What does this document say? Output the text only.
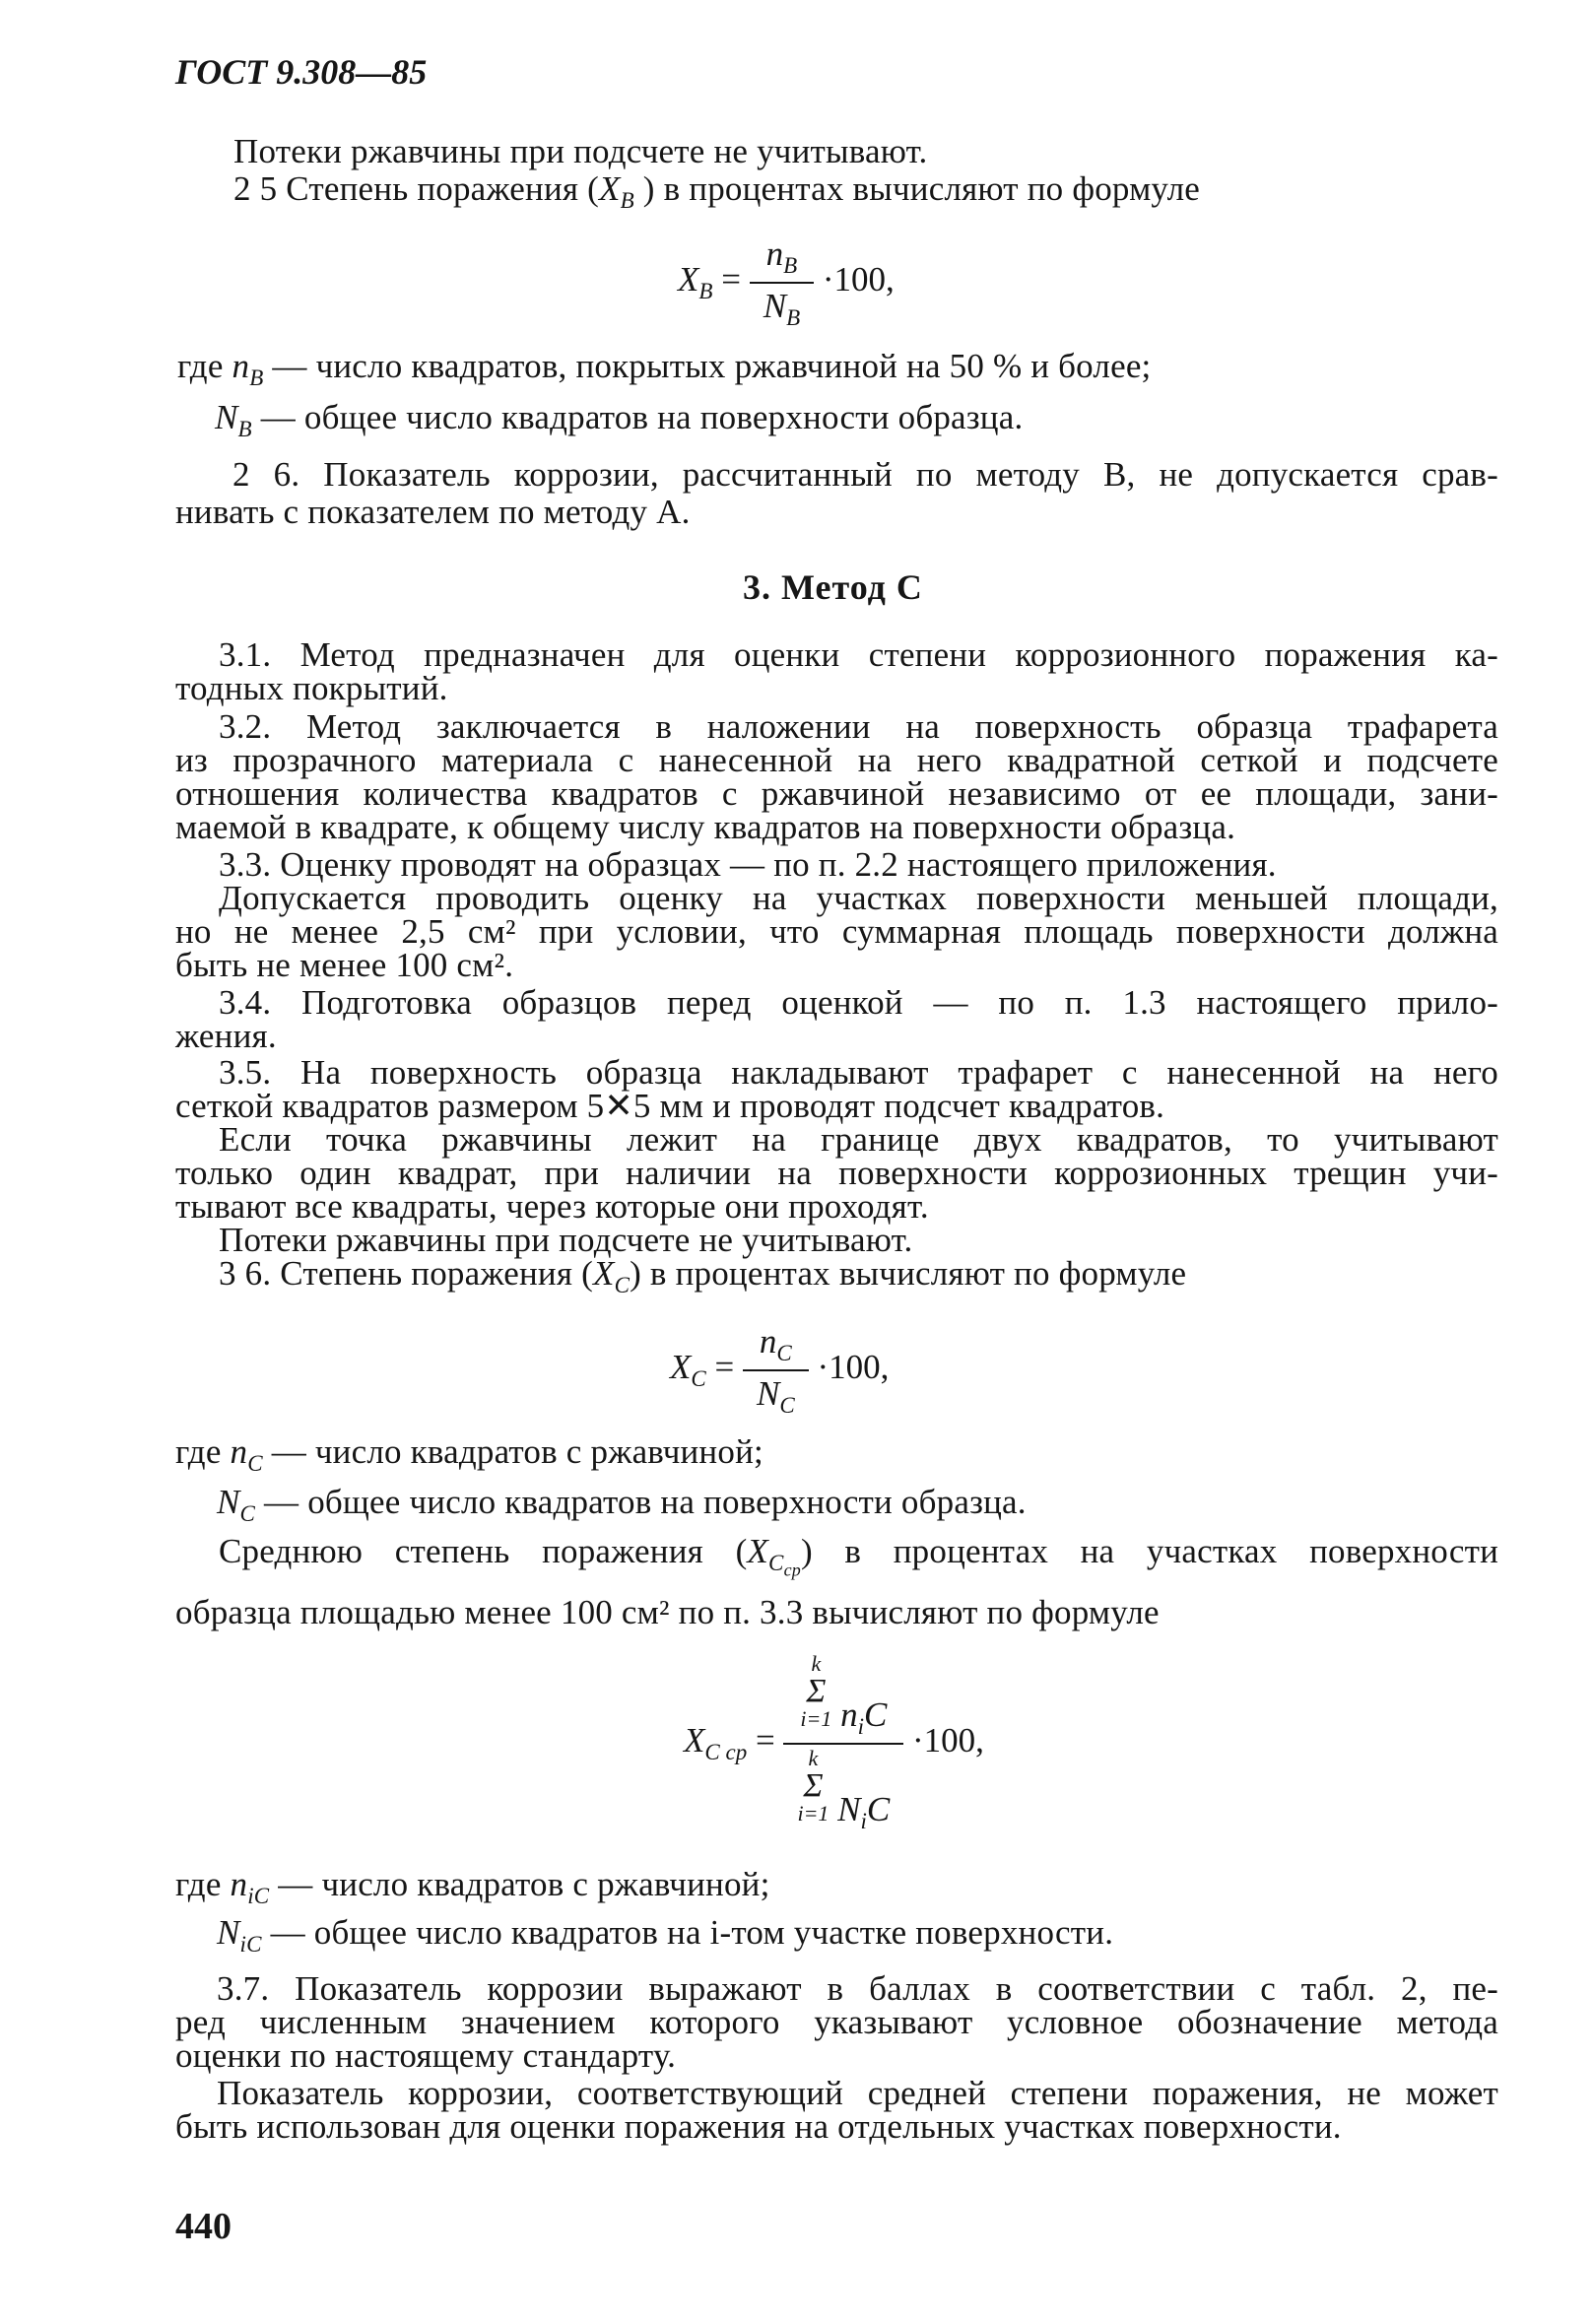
ГОСТ 9.308—85
Потеки ржавчины при подсчете не учитывают.
2 5 Степень поражения ($X_B$ ) в процентах вычисляют по формуле
$X_B = \frac{n_B}{N_B} \cdot 100$,
где $n_B$ — число квадратов, покрытых ржавчиной на 50 % и более;
$N_B$ — общее число квадратов на поверхности образца.
2 6. Показатель коррозии, рассчитанный по методу В, не допускается срав-
нивать с показателем по методу А.
3. Метод С
3.1. Метод предназначен для оценки степени коррозионного поражения ка-
тодных покрытий.
3.2. Метод заключается в наложении на поверхность образца трафарета
из прозрачного материала с нанесенной на него квадратной сеткой и подсчете
отношения количества квадратов с ржавчиной независимо от ее площади, зани-
маемой в квадрате, к общему числу квадратов на поверхности образца.
3.3. Оценку проводят на образцах — по п. 2.2 настоящего приложения.
Допускается проводить оценку на участках поверхности меньшей площади,
но не менее 2,5 см² при условии, что суммарная площадь поверхности должна
быть не менее 100 см².
3.4. Подготовка образцов перед оценкой — по п. 1.3 настоящего прило-
жения.
3.5. На поверхность образца накладывают трафарет с нанесенной на него
сеткой квадратов размером 5✕5 мм и проводят подсчет квадратов.
Если точка ржавчины лежит на границе двух квадратов, то учитывают
только один квадрат, при наличии на поверхности коррозионных трещин учи-
тывают все квадраты, через которые они проходят.
Потеки ржавчины при подсчете не учитывают.
3 6. Степень поражения $(X_C)$ в процентах вычисляют по формуле
$X_C = \frac{n_C}{N_C} \cdot 100$,
где $n_C$ — число квадратов с ржавчиной;
$N_C$ — общее число квадратов на поверхности образца.
Среднюю степень поражения $(X_{C_{ср}})$ в процентах на участках поверхности
образца площадью менее 100 см² по п. 3.3 вычисляют по формуле
$X_{C ср} = k$
Σ
i=1 $n_iC$
k
Σ
i=1 $N_iC \cdot 100$,
где $n_{iC}$ — число квадратов с ржавчиной;
$N_{iC}$ — общее число квадратов на i-том участке поверхности.
3.7. Показатель коррозии выражают в баллах в соответствии с табл. 2, пе-
ред численным значением которого указывают условное обозначение метода
оценки по настоящему стандарту.
Показатель коррозии, соответствующий средней степени поражения, не может
быть использован для оценки поражения на отдельных участках поверхности.
440
